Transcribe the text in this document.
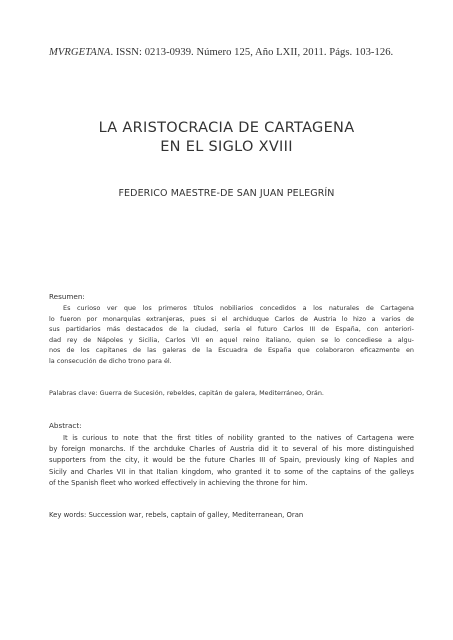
MVRGETANA. ISSN: 0213-0939. Número 125, Año LXII, 2011. Págs. 103-126.
LA ARISTOCRACIA DE CARTAGENA
EN EL SIGLO XVIII
FEDERICO MAESTRE-DE SAN JUAN PELEGRÍN
Resumen:
Es curioso ver que los primeros títulos nobiliarios concedidos a los naturales de Cartagena
lo fueron por monarquías extranjeras, pues si el archiduque Carlos de Austria lo hizo a varios de
sus partidarios más destacados de la ciudad, sería el futuro Carlos III de España, con anteriori-
dad rey de Nápoles y Sicilia, Carlos VII en aquel reino italiano, quien se lo concediese a algu-
nos de los capitanes de las galeras de la Escuadra de España que colaboraron eficazmente en
la consecución de dicho trono para él.
Palabras clave: Guerra de Sucesión, rebeldes, capitán de galera, Mediterráneo, Orán.
Abstract:
It is curious to note that the first titles of nobility granted to the natives of Cartagena were
by foreign monarchs. If the archduke Charles of Austria did it to several of his more distinguished
supporters from the city, it would be the future Charles III of Spain, previously king of Naples and
Sicily and Charles VII in that Italian kingdom, who granted it to some of the captains of the galleys
of the Spanish fleet who worked effectively in achieving the throne for him.
Key words: Succession war, rebels, captain of galley, Mediterranean, Oran
